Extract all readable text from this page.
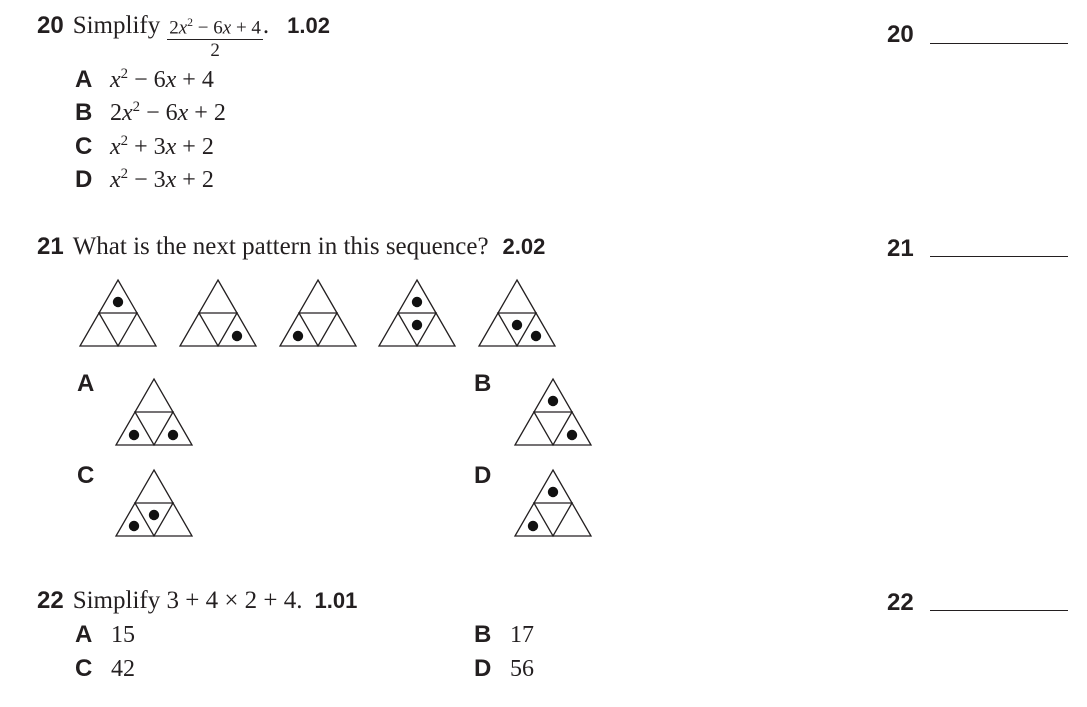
20 Simplify $\frac{2x^2 - 6x + 4}{2}$ . 1.02
A $x^2 - 6x + 4$
B $2x^2 - 6x + 2$
C $x^2 + 3x + 2$
D $x^2 - 3x + 2$
20
21 What is the next pattern in this sequence? 2.02	21
A	B
C	D
22 Simplify 3 + 4 × 2 + 4. 1.01	22
A 15	B 17
C 42	D 56
